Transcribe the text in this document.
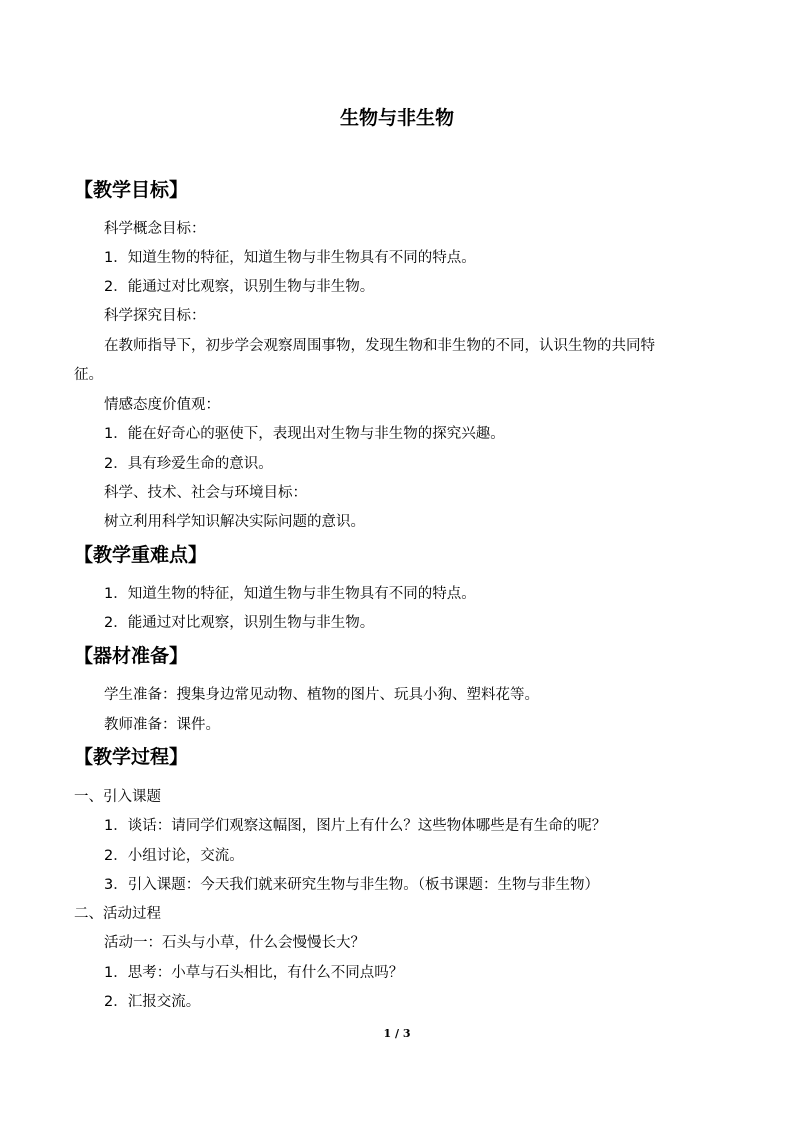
生物与非生物
【教学目标】

科学概念目标：

1．知道生物的特征，知道生物与非生物具有不同的特点。

2．能通过对比观察，识别生物与非生物。

科学探究目标：

在教师指导下，初步学会观察周围事物，发现生物和非生物的不同，认识生物的共同特

征。

情感态度价值观：

1．能在好奇心的驱使下，表现出对生物与非生物的探究兴趣。

2．具有珍爱生命的意识。

科学、技术、社会与环境目标：

树立利用科学知识解决实际问题的意识。

【教学重难点】

1．知道生物的特征，知道生物与非生物具有不同的特点。

2．能通过对比观察，识别生物与非生物。

【器材准备】

学生准备：搜集身边常见动物、植物的图片、玩具小狗、塑料花等。

教师准备：课件。

【教学过程】

一、引入课题

1．谈话：请同学们观察这幅图，图片上有什么？这些物体哪些是有生命的呢？

2．小组讨论，交流。

3．引入课题：今天我们就来研究生物与非生物。（板书课题：生物与非生物）

二、活动过程

活动一：石头与小草，什么会慢慢长大？

1．思考：小草与石头相比，有什么不同点吗？

2．汇报交流。

1 / 3
